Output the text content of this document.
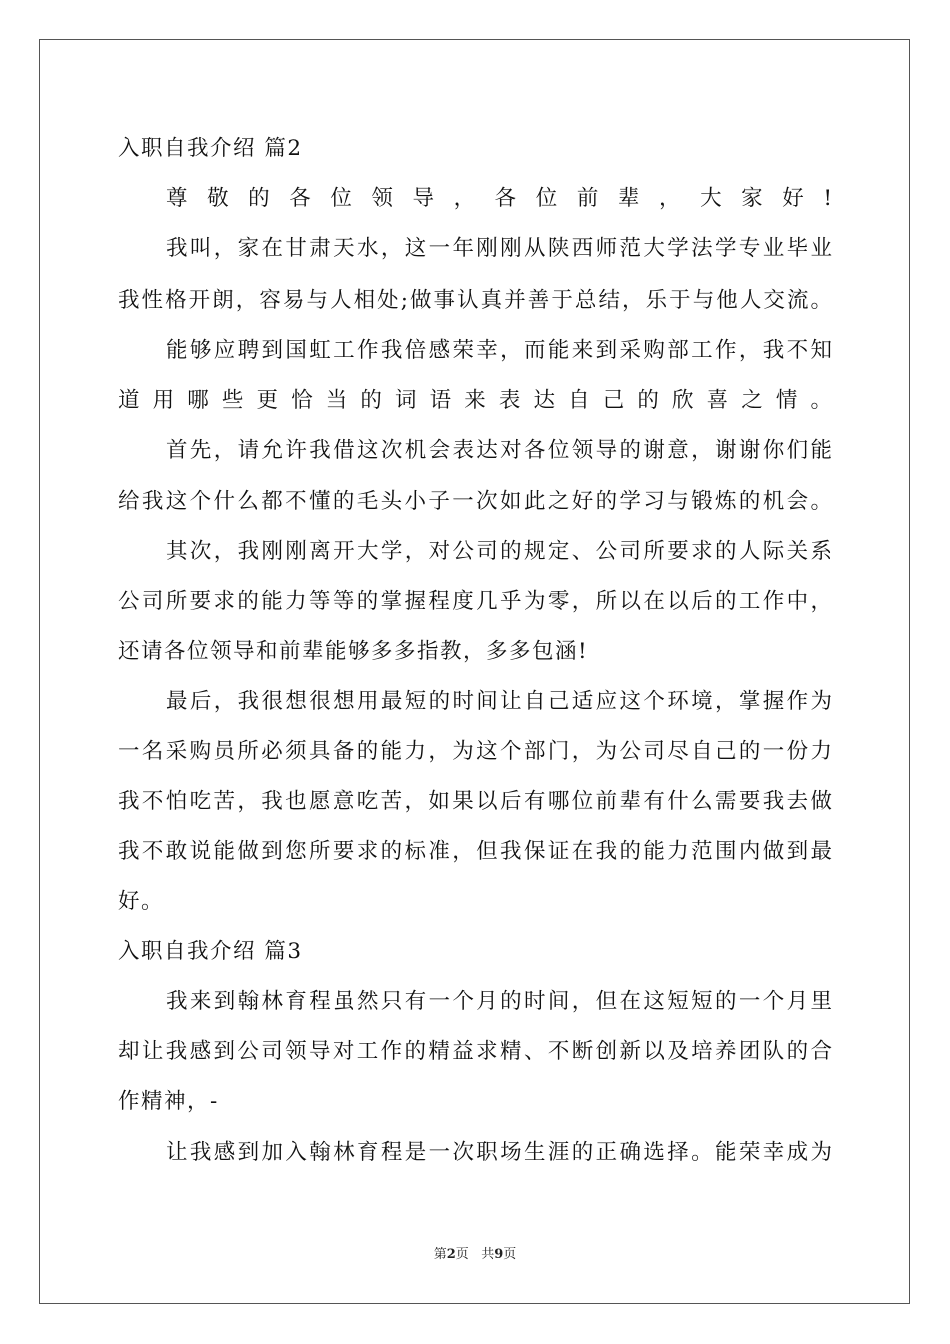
入职自我介绍 篇2
尊敬的各位领导，各位前辈，大家好!
我叫，家在甘肃天水，这一年刚刚从陕西师范大学法学专业毕业
我性格开朗，容易与人相处;做事认真并善于总结，乐于与他人交流。
能够应聘到国虹工作我倍感荣幸，而能来到采购部工作，我不知
道用哪些更恰当的词语来表达自己的欣喜之情。
首先，请允许我借这次机会表达对各位领导的谢意，谢谢你们能
给我这个什么都不懂的毛头小子一次如此之好的学习与锻炼的机会。
其次，我刚刚离开大学，对公司的规定、公司所要求的人际关系
公司所要求的能力等等的掌握程度几乎为零，所以在以后的工作中，
还请各位领导和前辈能够多多指教，多多包涵!
最后，我很想很想用最短的时间让自己适应这个环境，掌握作为
一名采购员所必须具备的能力，为这个部门，为公司尽自己的一份力
我不怕吃苦，我也愿意吃苦，如果以后有哪位前辈有什么需要我去做
我不敢说能做到您所要求的标准，但我保证在我的能力范围内做到最
好。
入职自我介绍 篇3
我来到翰林育程虽然只有一个月的时间，但在这短短的一个月里
却让我感到公司领导对工作的精益求精、不断创新以及培养团队的合
作精神，-
让我感到加入翰林育程是一次职场生涯的正确选择。能荣幸成为
第2页 共9页
